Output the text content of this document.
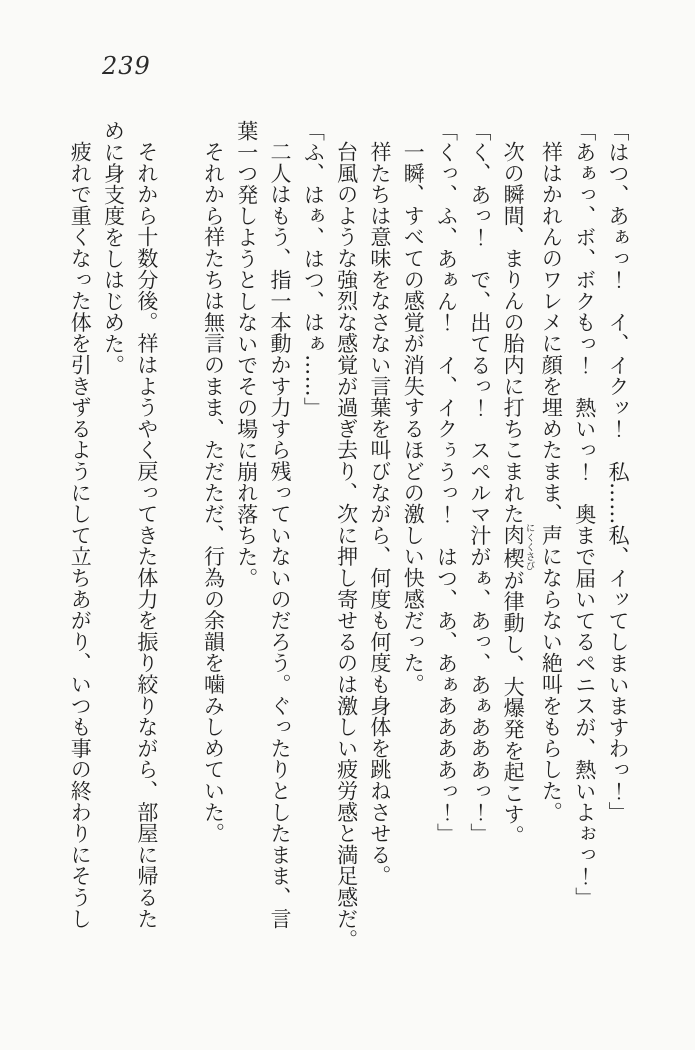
239

「はつ、あぁっ！　イ、イクッ！　私……私、イッてしまいますわっ！」

「あぁっ、ボ、ボクもっ！　熱いっ！　奥まで届いてるペニスが、熱いよぉっ！」

祥はかれんのワレメに顔を埋めたまま、声にならない絶叫をもらした。

次の瞬間、まりんの胎内に打ちこまれた肉楔にくくさびが律動し、大爆発を起こす。

「く、あっ！　で、出てるっ！　スペルマ汁がぁ、あっ、あぁあああっ！」

「くっ、ふ、あぁん！　イ、イクぅうっ！　はつ、あ、あぁああああっ！」

一瞬、すべての感覚が消失するほどの激しい快感だった。

祥たちは意味をなさない言葉を叫びながら、何度も何度も身体を跳ねさせる。

台風のような強烈な感覚が過ぎ去り、次に押し寄せるのは激しい疲労感と満足感だ。

「ふ、はぁ、はつ、はぁ……」

二人はもう、指一本動かす力すら残っていないのだろう。ぐったりとしたまま、言

葉一つ発しようとしないでその場に崩れ落ちた。

それから祥たちは無言のまま、ただただ、行為の余韻を噛みしめていた。

それから十数分後。祥はようやく戻ってきた体力を振り絞りながら、部屋に帰るた

めに身支度をしはじめた。

疲れで重くなった体を引きずるようにして立ちあがり、いつも事の終わりにそうし
